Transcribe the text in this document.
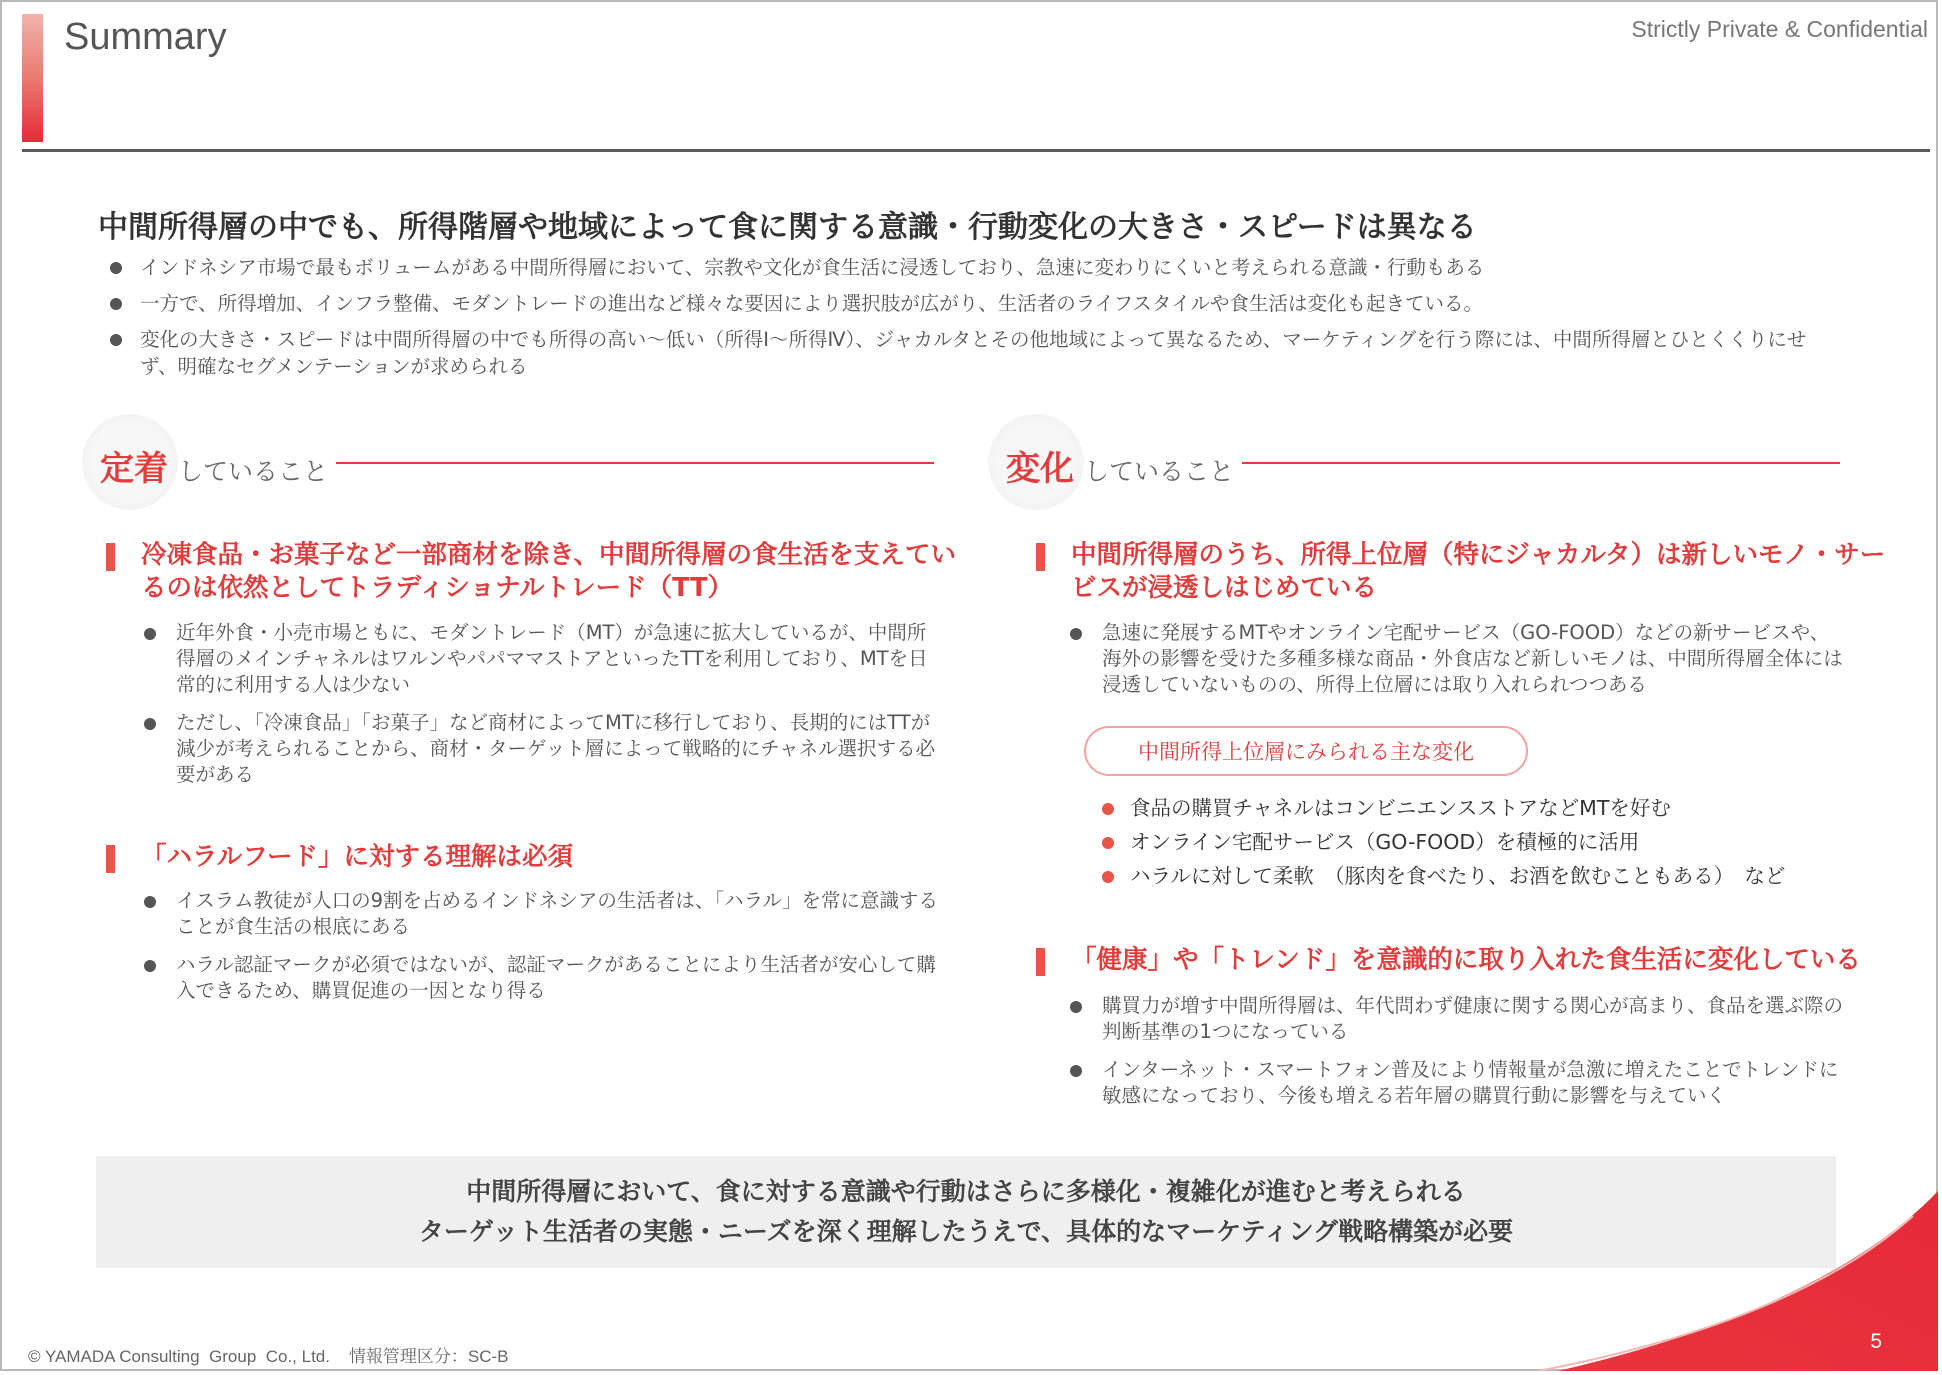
Summary	Strictly Private & Confidential
中間所得層の中でも、所得階層や地域によって食に関する意識・行動変化の大きさ・スピードは異なる
インドネシア市場で最もボリュームがある中間所得層において、宗教や文化が食生活に浸透しており、急速に変わりにくいと考えられる意識・行動もある
一方で、所得増加、インフラ整備、モダントレードの進出など様々な要因により選択肢が広がり、生活者のライフスタイルや食生活は変化も起きている。
変化の大きさ・スピードは中間所得層の中でも所得の高い～低い（所得Ⅰ～所得Ⅳ）、ジャカルタとその他地域によって異なるため、マーケティングを行う際には、中間所得層とひとくくりにせず、明確なセグメンテーションが求められる
定着 していること
冷凍食品・お菓子など一部商材を除き、中間所得層の食生活を支えているのは依然としてトラディショナルトレード（TT）
近年外食・小売市場ともに、モダントレード（MT）が急速に拡大しているが、中間所得層のメインチャネルはワルンやパパママストアといったTTを利用しており、MTを日常的に利用する人は少ない
ただし、「冷凍食品」「お菓子」など商材によってMTに移行しており、長期的にはTTが減少が考えられることから、商材・ターゲット層によって戦略的にチャネル選択する必要がある
「ハラルフード」に対する理解は必須
イスラム教徒が人口の9割を占めるインドネシアの生活者は、「ハラル」を常に意識することが食生活の根底にある
ハラル認証マークが必須ではないが、認証マークがあることにより生活者が安心して購入できるため、購買促進の一因となり得る
変化 していること
中間所得層のうち、所得上位層（特にジャカルタ）は新しいモノ・サービスが浸透しはじめている
急速に発展するMTやオンライン宅配サービス（GO-FOOD）などの新サービスや、海外の影響を受けた多種多様な商品・外食店など新しいモノは、中間所得層全体には浸透していないものの、所得上位層には取り入れられつつある
中間所得上位層にみられる主な変化
食品の購買チャネルはコンビニエンスストアなどMTを好む
オンライン宅配サービス（GO-FOOD）を積極的に活用
ハラルに対して柔軟　（豚肉を食べたり、お酒を飲むこともある）　など
「健康」や「トレンド」を意識的に取り入れた食生活に変化している
購買力が増す中間所得層は、年代問わず健康に関する関心が高まり、食品を選ぶ際の判断基準の1つになっている
インターネット・スマートフォン普及により情報量が急激に増えたことでトレンドに敏感になっており、今後も増える若年層の購買行動に影響を与えていく
中間所得層において、食に対する意識や行動はさらに多様化・複雑化が進むと考えられる
ターゲット生活者の実態・ニーズを深く理解したうえで、具体的なマーケティング戦略構築が必要
© YAMADA Consulting  Group  Co., Ltd.    情報管理区分：SC-B
5
